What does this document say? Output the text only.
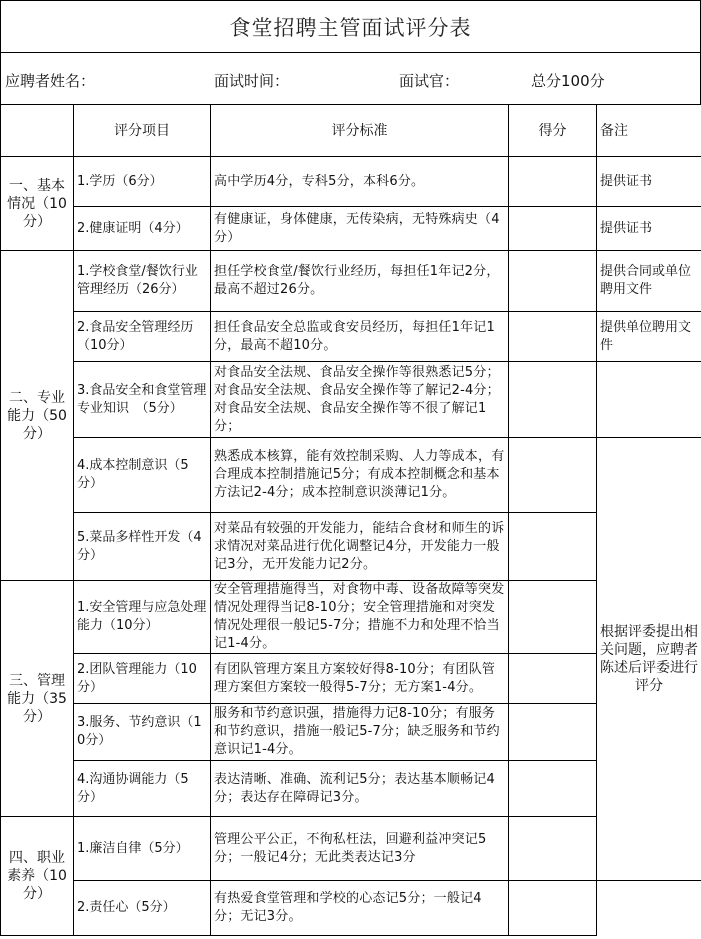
食堂招聘主管面试评分表
应聘者姓名：	面试时间：	面试官：	总分100分
	评分项目	评分标准	得分	备注	
一、基本情况（10分）	1.学历（6分）	高中学历4分，专科5分，本科6分。		提供证书	
	2.健康证明（4分）	有健康证，身体健康，无传染病，无特殊病史（4分）		提供证书	
二、专业能力（50分）	1.学校食堂/餐饮行业管理经历（26分）	担任学校食堂/餐饮行业经历，每担任1年记2分，最高不超过26分。		提供合同或单位聘用文件	
	2.食品安全管理经历（10分）	担任食品安全总监或食安员经历，每担任1年记1分，最高不超10分。		提供单位聘用文件	
	3.食品安全和食堂管理专业知识　（5分）	对食品安全法规、食品安全操作等很熟悉记5分；对食品安全法规、食品安全操作等了解记2-4分；对食品安全法规、食品安全操作等不很了解记1分；			
	4.成本控制意识（5分）	熟悉成本核算，能有效控制采购、人力等成本，有合理成本控制措施记5分；有成本控制概念和基本方法记2-4分；成本控制意识淡薄记1分。		根据评委提出相关问题，应聘者陈述后评委进行评分	
	5.菜品多样性开发（4分）	对菜品有较强的开发能力，能结合食材和师生的诉求情况对菜品进行优化调整记4分，开发能力一般记3分，无开发能力记2分。			
三、管理能力（35分）	1.安全管理与应急处理能力（10分）	安全管理措施得当，对食物中毒、设备故障等突发情况处理得当记8-10分；安全管理措施和对突发情况处理很一般记5-7分；措施不力和处理不恰当记1-4分。			
	2.团队管理能力（10分）	有团队管理方案且方案较好得8-10分；有团队管理方案但方案较一般得5-7分；无方案1-4分。			
	3.服务、节约意识（10分）	服务和节约意识强，措施得力记8-10分；有服务和节约意识，措施一般记5-7分；缺乏服务和节约意识记1-4分。			
	4.沟通协调能力（5分）	表达清晰、准确、流利记5分；表达基本顺畅记4分；表达存在障碍记3分。			
四、职业素养（10分）	1.廉洁自律（5分）	管理公平公正，不徇私枉法，回避利益冲突记5分；一般记4分；无此类表达记3分			
	2.责任心（5分）	有热爱食堂管理和学校的心态记5分；一般记4分；无记3分。			
